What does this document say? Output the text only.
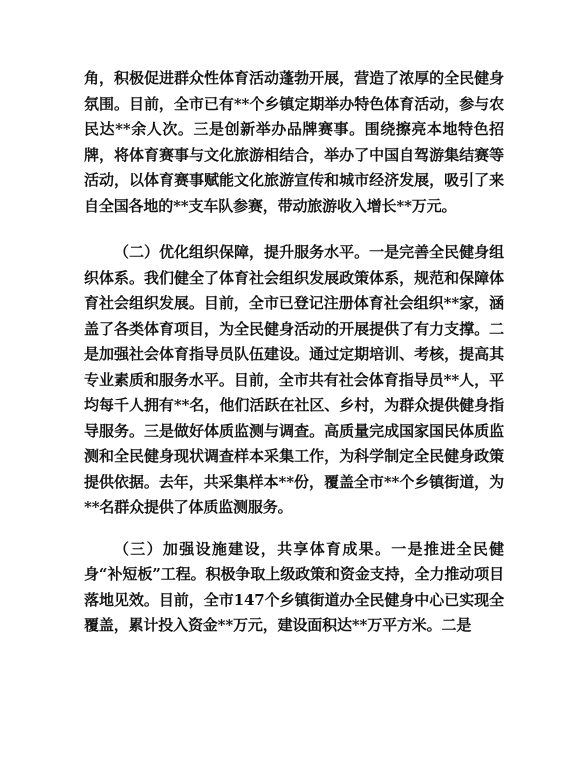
角，积极促进群众性体育活动蓬勃开展，营造了浓厚的全民健身氛围。目前，全市已有**个乡镇定期举办特色体育活动，参与农民达**余人次。三是创新举办品牌赛事。围绕擦亮本地特色招牌，将体育赛事与文化旅游相结合，举办了中国自驾游集结赛等活动，以体育赛事赋能文化旅游宣传和城市经济发展，吸引了来自全国各地的**支车队参赛，带动旅游收入增长**万元。

（二）优化组织保障，提升服务水平。一是完善全民健身组织体系。我们健全了体育社会组织发展政策体系，规范和保障体育社会组织发展。目前，全市已登记注册体育社会组织**家，涵盖了各类体育项目，为全民健身活动的开展提供了有力支撑。二是加强社会体育指导员队伍建设。通过定期培训、考核，提高其专业素质和服务水平。目前，全市共有社会体育指导员**人，平均每千人拥有**名，他们活跃在社区、乡村，为群众提供健身指导服务。三是做好体质监测与调查。高质量完成国家国民体质监测和全民健身现状调查样本采集工作，为科学制定全民健身政策提供依据。去年，共采集样本**份，覆盖全市**个乡镇街道，为**名群众提供了体质监测服务。

（三）加强设施建设，共享体育成果。一是推进全民健身“补短板”工程。积极争取上级政策和资金支持，全力推动项目落地见效。目前，全市147个乡镇街道办全民健身中心已实现全覆盖，累计投入资金**万元，建设面积达**万平方米。二是
